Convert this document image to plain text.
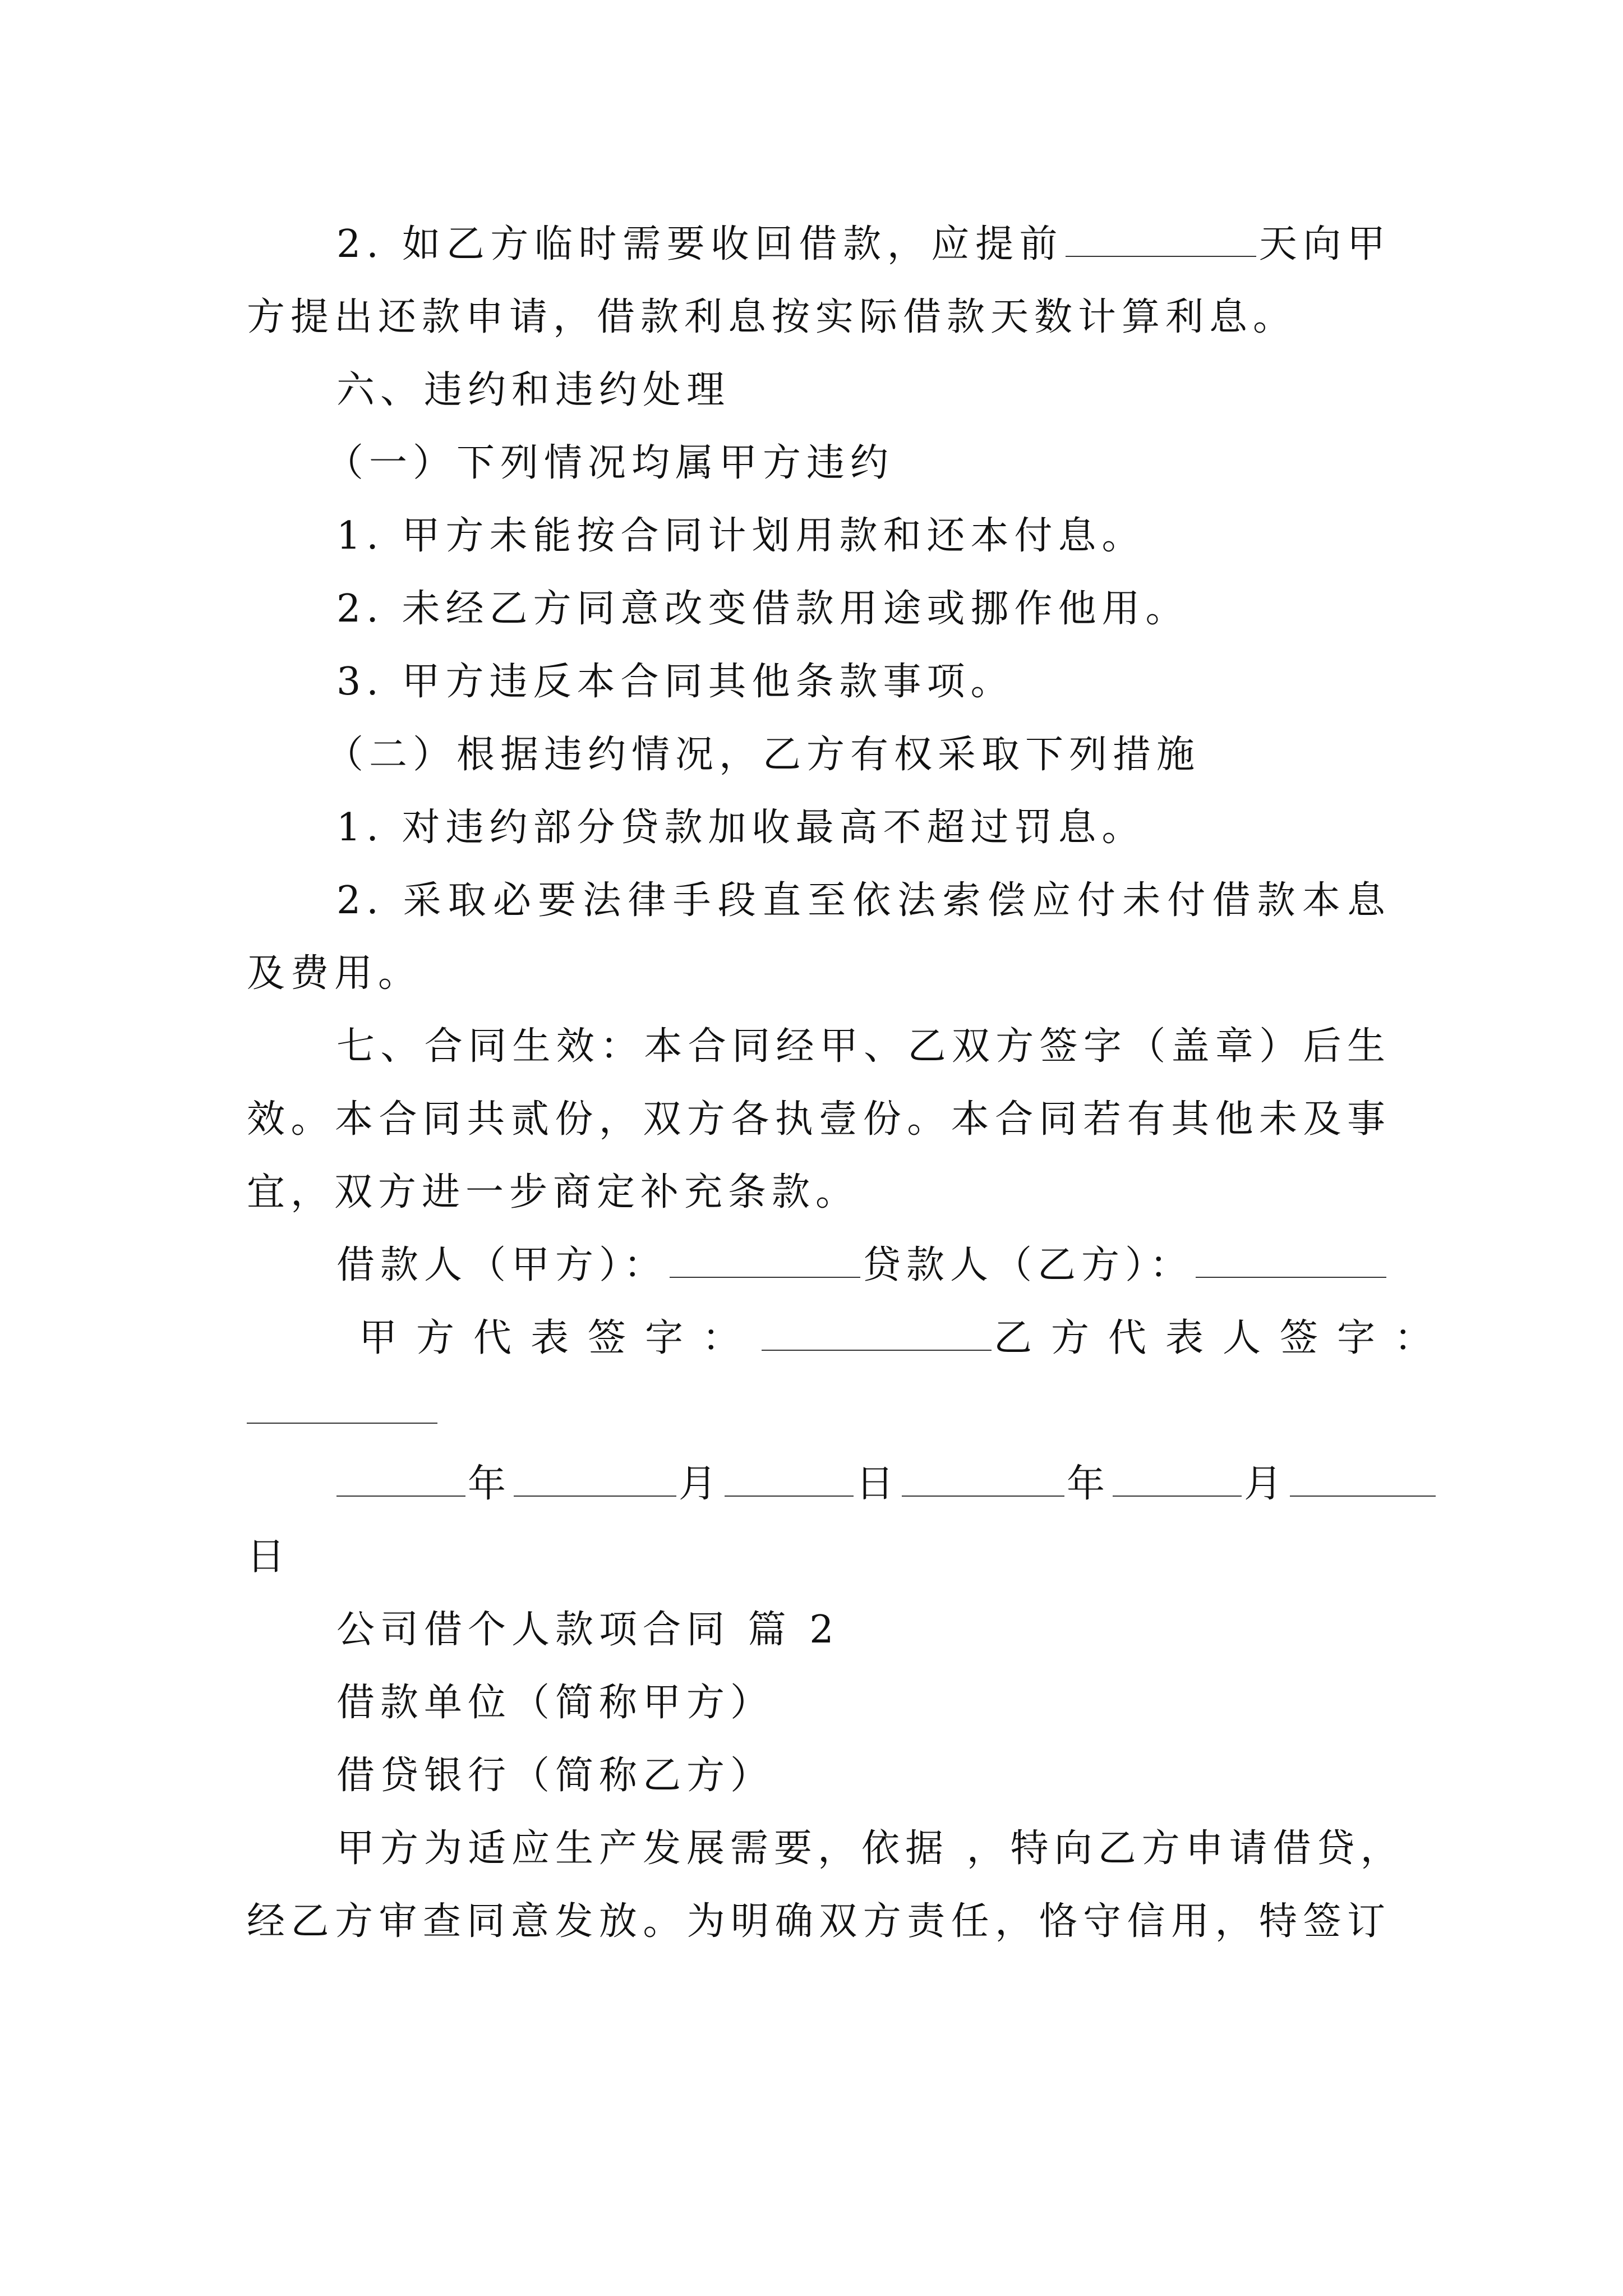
2. 如乙方临时需要收回借款，应提前	天向甲
方提出还款申请，借款利息按实际借款天数计算利息。
六、违约和违约处理
（一）下列情况均属甲方违约
1. 甲方未能按合同计划用款和还本付息。
2. 未经乙方同意改变借款用途或挪作他用。
3. 甲方违反本合同其他条款事项。
（二）根据违约情况，乙方有权采取下列措施
1. 对违约部分贷款加收最高不超过罚息。
2. 采取必要法律手段直至依法索偿应付未付借款本息
及费用。
七、合同生效：本合同经甲、乙双方签字（盖章）后生
效。本合同共贰份，双方各执壹份。本合同若有其他未及事
宜，双方进一步商定补充条款。
借款人（甲方）：	贷款人（乙方）：
甲方代表签字：	乙方代表人签字：
年	月	日	年	月
日
公司借个人款项合同 篇 2
借款单位（简称甲方）
借贷银行（简称乙方）
甲方为适应生产发展需要，依据 ，特向乙方申请借贷，
经乙方审查同意发放。为明确双方责任，恪守信用，特签订
